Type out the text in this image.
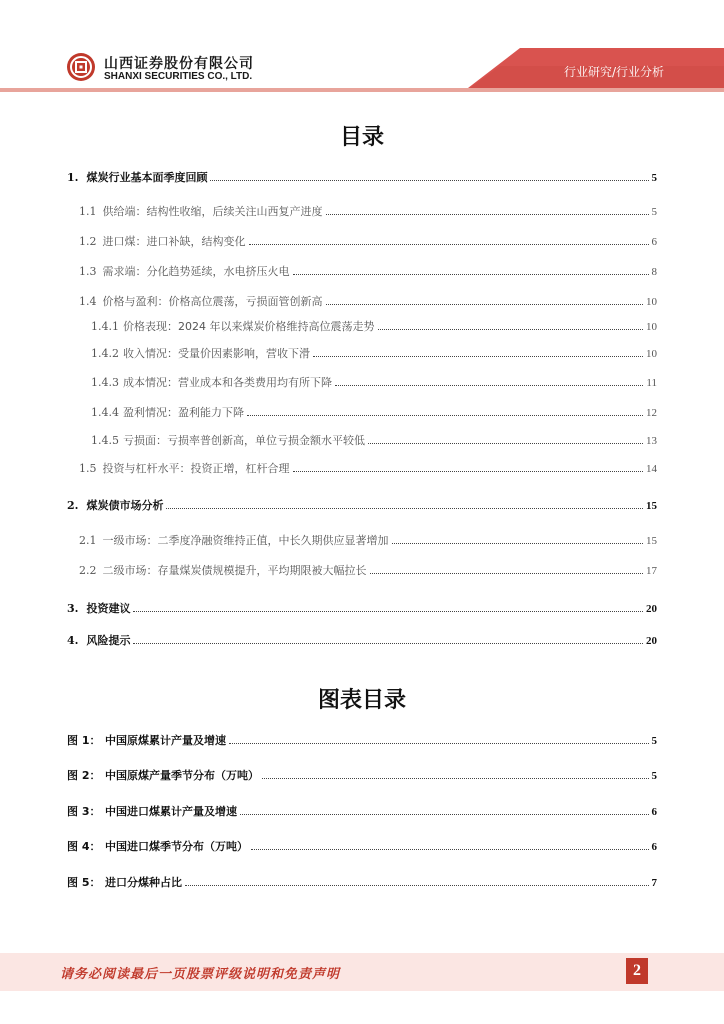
山西证券股份有限公司
SHANXI SECURITIES CO., LTD.	行业研究/行业分析
目录
1. 煤炭行业基本面季度回顾	5
1.1 供给端：结构性收缩，后续关注山西复产进度	5
1.2 进口煤：进口补缺，结构变化	6
1.3 需求端：分化趋势延续，水电挤压火电	8
1.4 价格与盈利：价格高位震荡，亏损面管创新高	10
1.4.1 价格表现：2024 年以来煤炭价格维持高位震荡走势	10
1.4.2 收入情况：受量价因素影响，营收下滑	10
1.4.3 成本情况：营业成本和各类费用均有所下降	11
1.4.4 盈利情况：盈利能力下降	12
1.4.5 亏损面：亏损率普创新高，单位亏损金额水平较低	13
1.5 投资与杠杆水平：投资正增，杠杆合理	14
2. 煤炭债市场分析	15
2.1 一级市场：二季度净融资维持正值，中长久期供应显著增加	15
2.2 二级市场：存量煤炭债规模提升，平均期限被大幅拉长	17
3. 投资建议	20
4. 风险提示	20
图表目录
图 1： 中国原煤累计产量及增速	5
图 2： 中国原煤产量季节分布（万吨）	5
图 3： 中国进口煤累计产量及增速	6
图 4： 中国进口煤季节分布（万吨）	6
图 5： 进口分煤种占比	7
请务必阅读最后一页股票评级说明和免责声明	2
